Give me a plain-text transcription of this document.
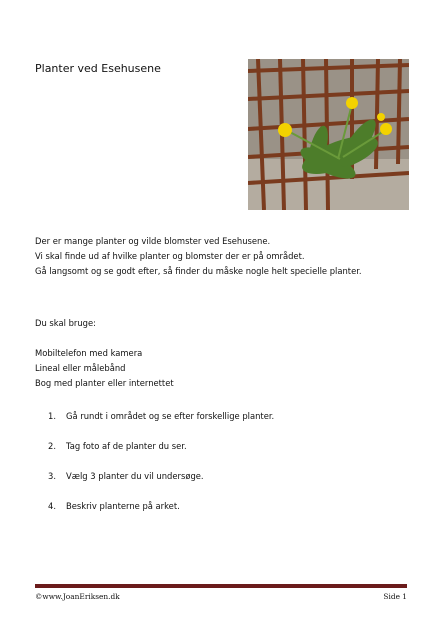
Planter ved Esehusene
Der er mange planter og vilde blomster ved Esehusene.
Vi skal finde ud af hvilke planter og blomster der er på området.
Gå langsomt og se godt efter, så finder du måske nogle helt specielle planter.
Du skal bruge:
Mobiltelefon med kamera
Lineal eller målebånd
Bog med planter eller internettet
1.	Gå rundt i området og se efter forskellige planter.
2.	Tag foto af de planter du ser.
3.	Vælg 3 planter du vil undersøge.
4.	Beskriv planterne på arket.
©www.JoanEriksen.dk	Side 1
